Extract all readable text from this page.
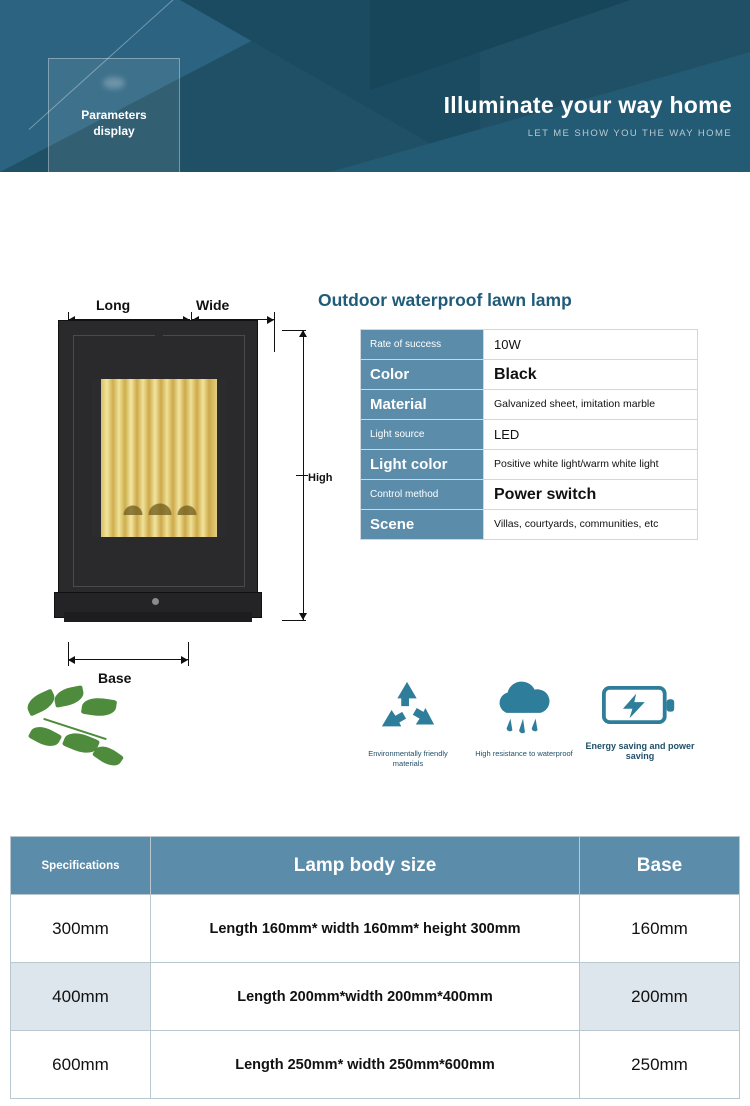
Parameters
display
PARAMETER DISPLAY
Illuminate your way home
LET ME SHOW YOU THE WAY HOME
Outdoor waterproof lawn lamp
Long	Wide
Base
High
Rate of success	10W
Color	Black
Material	Galvanized sheet, imitation marble
Light source	LED
Light color	Positive white light/warm white light
Control method	Power switch
Scene	Villas, courtyards, communities, etc
Environmentally friendly materials
High resistance to waterproof
Energy saving and power saving
Specifications	Lamp body size	Base
300mm	Length 160mm* width 160mm* height 300mm	160mm
400mm	Length 200mm*width 200mm*400mm	200mm
600mm	Length 250mm* width 250mm*600mm	250mm
